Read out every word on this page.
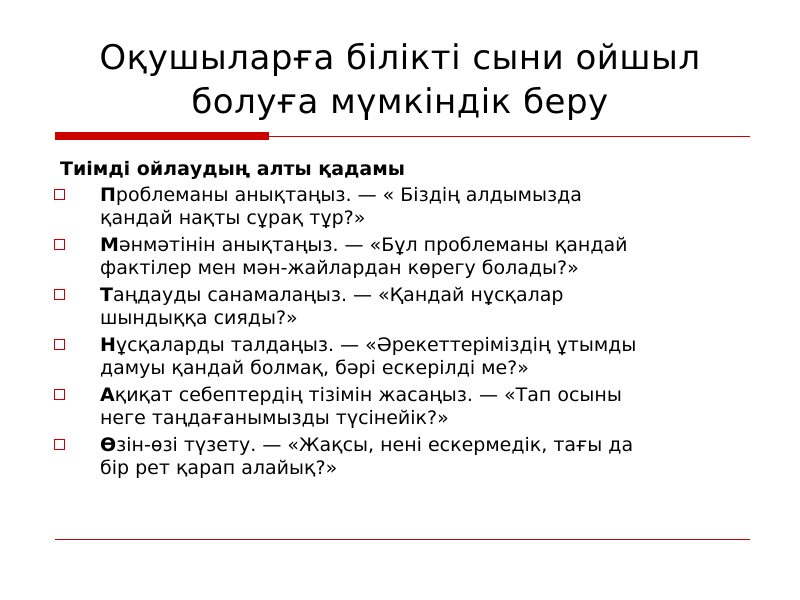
Оқушыларға білікті сыни ойшыл
болуға мүмкіндік беру
Тиімді ойлаудың алты қадамы
Проблеманы анықтаңыз. — « Біздің алдымызда
қандай нақты сұрақ тұр?»
Мәнмәтінін анықтаңыз. — «Бұл проблеманы қандай
фактілер мен мән-жайлардан көрегу болады?»
Таңдауды санамалаңыз. — «Қандай нұсқалар
шындыққа сияды?»
Нұсқаларды талдаңыз. — «Әрекеттеріміздің ұтымды
дамуы қандай болмақ, бәрі ескерілді ме?»
Ақиқат себептердің тізімін жасаңыз. — «Тап осыны
неге таңдағанымызды түсінейік?»
Өзін-өзі түзету. — «Жақсы, нені ескермедік, тағы да
бір рет қарап алайық?»
